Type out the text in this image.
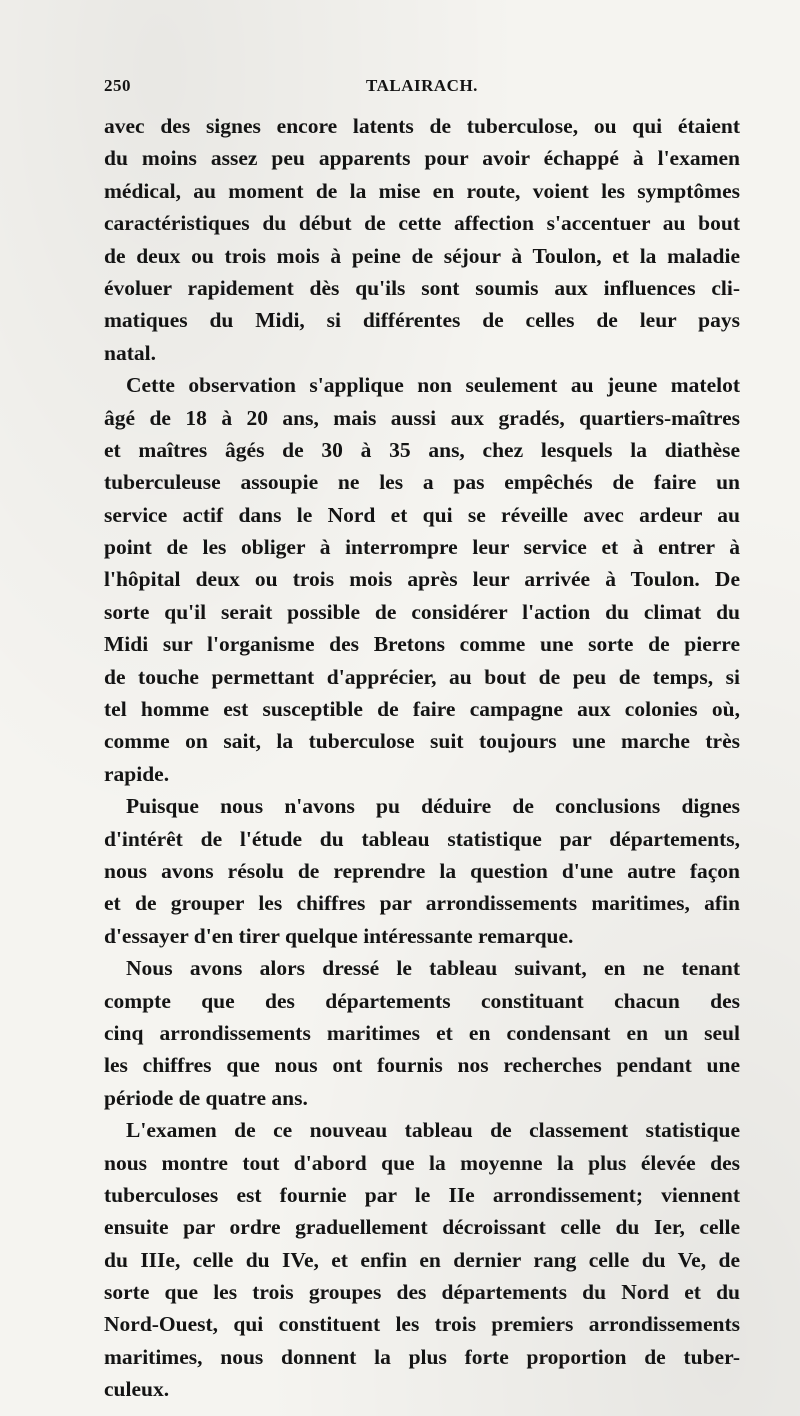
250	TALAIRACH.
avec des signes encore latents de tuberculose, ou qui étaient
du moins assez peu apparents pour avoir échappé à l'examen
médical, au moment de la mise en route, voient les symptômes
caractéristiques du début de cette affection s'accentuer au bout
de deux ou trois mois à peine de séjour à Toulon, et la maladie
évoluer rapidement dès qu'ils sont soumis aux influences cli-
matiques du Midi, si différentes de celles de leur pays
natal.
Cette observation s'applique non seulement au jeune matelot
âgé de 18 à 20 ans, mais aussi aux gradés, quartiers-maîtres
et maîtres âgés de 30 à 35 ans, chez lesquels la diathèse
tuberculeuse assoupie ne les a pas empêchés de faire un
service actif dans le Nord et qui se réveille avec ardeur au
point de les obliger à interrompre leur service et à entrer à
l'hôpital deux ou trois mois après leur arrivée à Toulon. De
sorte qu'il serait possible de considérer l'action du climat du
Midi sur l'organisme des Bretons comme une sorte de pierre
de touche permettant d'apprécier, au bout de peu de temps, si
tel homme est susceptible de faire campagne aux colonies où,
comme on sait, la tuberculose suit toujours une marche très
rapide.
Puisque nous n'avons pu déduire de conclusions dignes
d'intérêt de l'étude du tableau statistique par départements,
nous avons résolu de reprendre la question d'une autre façon
et de grouper les chiffres par arrondissements maritimes, afin
d'essayer d'en tirer quelque intéressante remarque.
Nous avons alors dressé le tableau suivant, en ne tenant
compte que des départements constituant chacun des
cinq arrondissements maritimes et en condensant en un seul
les chiffres que nous ont fournis nos recherches pendant une
période de quatre ans.
L'examen de ce nouveau tableau de classement statistique
nous montre tout d'abord que la moyenne la plus élevée des
tuberculoses est fournie par le IIe arrondissement; viennent
ensuite par ordre graduellement décroissant celle du Ier, celle
du IIIe, celle du IVe, et enfin en dernier rang celle du Ve, de
sorte que les trois groupes des départements du Nord et du
Nord-Ouest, qui constituent les trois premiers arrondissements
maritimes, nous donnent la plus forte proportion de tuber-
culeux.
